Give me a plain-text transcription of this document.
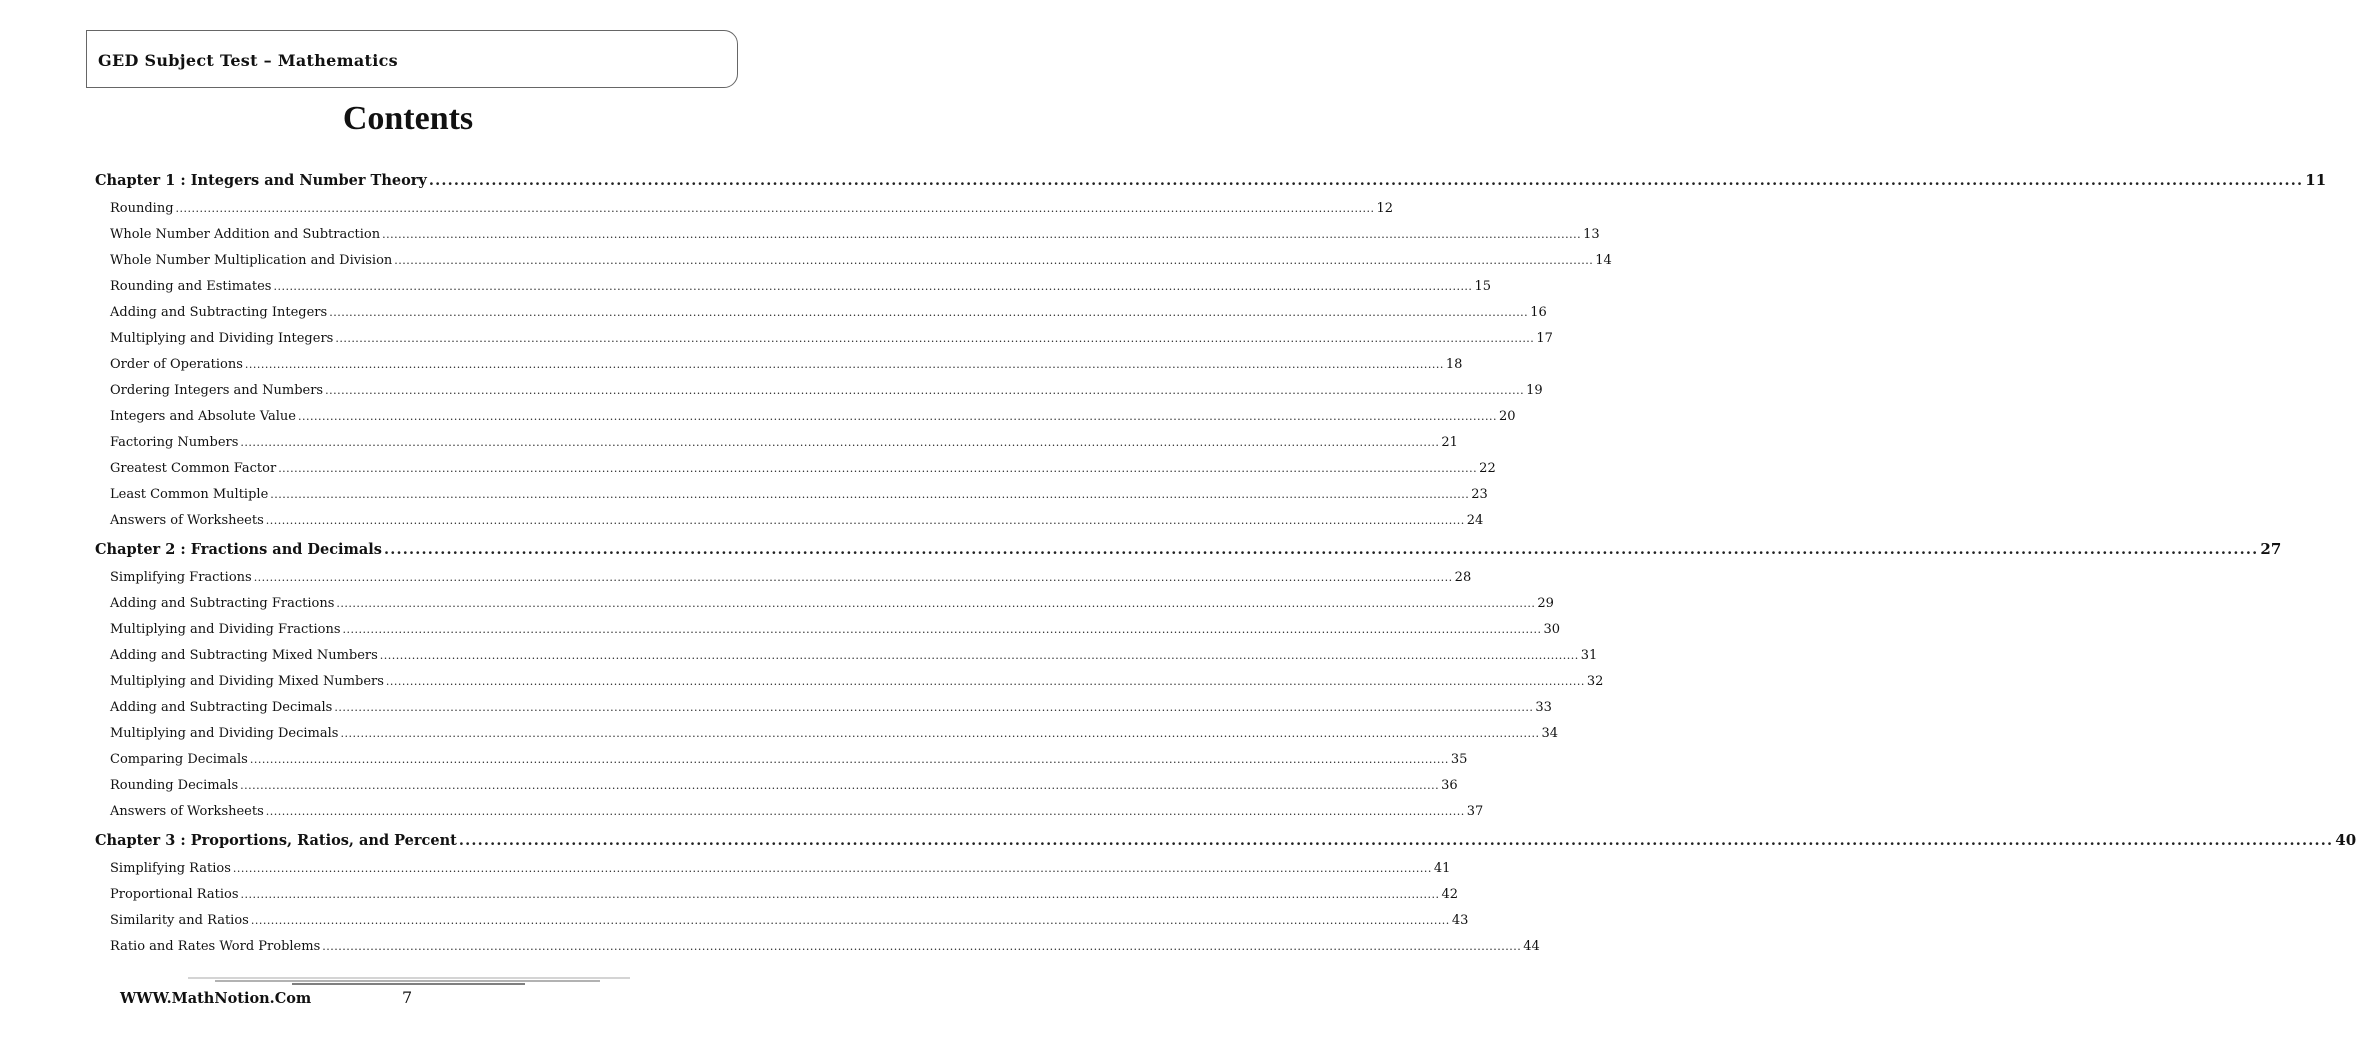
GED Subject Test – Mathematics
Contents
Chapter 1 : Integers and Number Theory ............................................................................................................................................................................................................................................................................................................ 11
Rounding ............................................................................................................................................................................................................................................................................................................ 12
Whole Number Addition and Subtraction ............................................................................................................................................................................................................................................................................................................ 13
Whole Number Multiplication and Division ............................................................................................................................................................................................................................................................................................................ 14
Rounding and Estimates ............................................................................................................................................................................................................................................................................................................ 15
Adding and Subtracting Integers ............................................................................................................................................................................................................................................................................................................ 16
Multiplying and Dividing Integers ............................................................................................................................................................................................................................................................................................................ 17
Order of Operations ............................................................................................................................................................................................................................................................................................................ 18
Ordering Integers and Numbers ............................................................................................................................................................................................................................................................................................................ 19
Integers and Absolute Value ............................................................................................................................................................................................................................................................................................................ 20
Factoring Numbers ............................................................................................................................................................................................................................................................................................................ 21
Greatest Common Factor ............................................................................................................................................................................................................................................................................................................ 22
Least Common Multiple ............................................................................................................................................................................................................................................................................................................ 23
Answers of Worksheets ............................................................................................................................................................................................................................................................................................................ 24
Chapter 2 : Fractions and Decimals ............................................................................................................................................................................................................................................................................................................ 27
Simplifying Fractions ............................................................................................................................................................................................................................................................................................................ 28
Adding and Subtracting Fractions ............................................................................................................................................................................................................................................................................................................ 29
Multiplying and Dividing Fractions ............................................................................................................................................................................................................................................................................................................ 30
Adding and Subtracting Mixed Numbers ............................................................................................................................................................................................................................................................................................................ 31
Multiplying and Dividing Mixed Numbers ............................................................................................................................................................................................................................................................................................................ 32
Adding and Subtracting Decimals ............................................................................................................................................................................................................................................................................................................ 33
Multiplying and Dividing Decimals ............................................................................................................................................................................................................................................................................................................ 34
Comparing Decimals ............................................................................................................................................................................................................................................................................................................ 35
Rounding Decimals ............................................................................................................................................................................................................................................................................................................ 36
Answers of Worksheets ............................................................................................................................................................................................................................................................................................................ 37
Chapter 3 : Proportions, Ratios, and Percent ............................................................................................................................................................................................................................................................................................................ 40
Simplifying Ratios ............................................................................................................................................................................................................................................................................................................ 41
Proportional Ratios ............................................................................................................................................................................................................................................................................................................ 42
Similarity and Ratios ............................................................................................................................................................................................................................................................................................................ 43
Ratio and Rates Word Problems ............................................................................................................................................................................................................................................................................................................ 44
WWW.MathNotion.Com	7
